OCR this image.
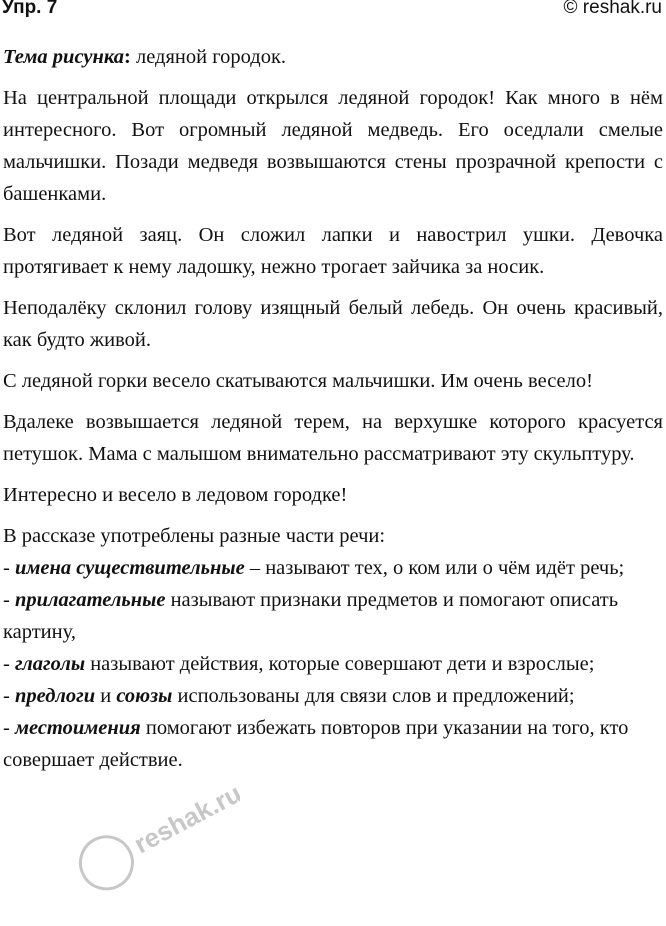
Упр. 7	© reshak.ru

Тема рисунка: ледяной городок.

На центральной площади открылся ледяной городок! Как много в нём интересного. Вот огромный ледяной медведь. Его оседлали смелые мальчишки. Позади медведя возвышаются стены прозрачной крепости с башенками.

Вот ледяной заяц. Он сложил лапки и навострил ушки. Девочка протягивает к нему ладошку, нежно трогает зайчика за носик.

Неподалёку склонил голову изящный белый лебедь. Он очень красивый, как будто живой.

С ледяной горки весело скатываются мальчишки. Им очень весело!

Вдалеке возвышается ледяной терем, на верхушке которого красуется петушок. Мама с малышом внимательно рассматривают эту скульптуру.

Интересно и весело в ледовом городке!

В рассказе употреблены разные части речи:

- имена существительные – называют тех, о ком или о чём идёт речь;
- прилагательные называют признаки предметов и помогают описать картину,
- глаголы называют действия, которые совершают дети и взрослые;
- предлоги и союзы использованы для связи слов и предложений;
- местоимения помогают избежать повторов при указании на того, кто совершает действие.
reshak.ru
